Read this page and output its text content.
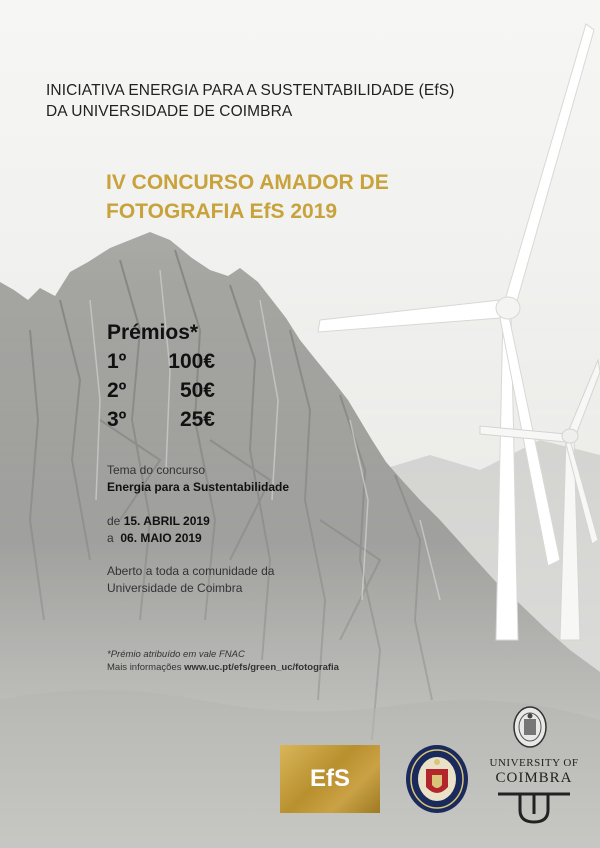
INICIATIVA ENERGIA PARA A SUSTENTABILIDADE (EfS)
DA UNIVERSIDADE DE COIMBRA
IV CONCURSO AMADOR DE
FOTOGRAFIA EfS 2019
Prémios*
1º 100€
2º	50€
3º	25€
Tema do concurso
Energia para a Sustentabilidade
de 15. ABRIL 2019
a 06. MAIO 2019
Aberto a toda a comunidade da
Universidade de Coimbra
*Prémio atribuído em vale FNAC
Mais informações www.uc.pt/efs/green_uc/fotografia
EfS
UNIVERSITY OF
COIMBRA
